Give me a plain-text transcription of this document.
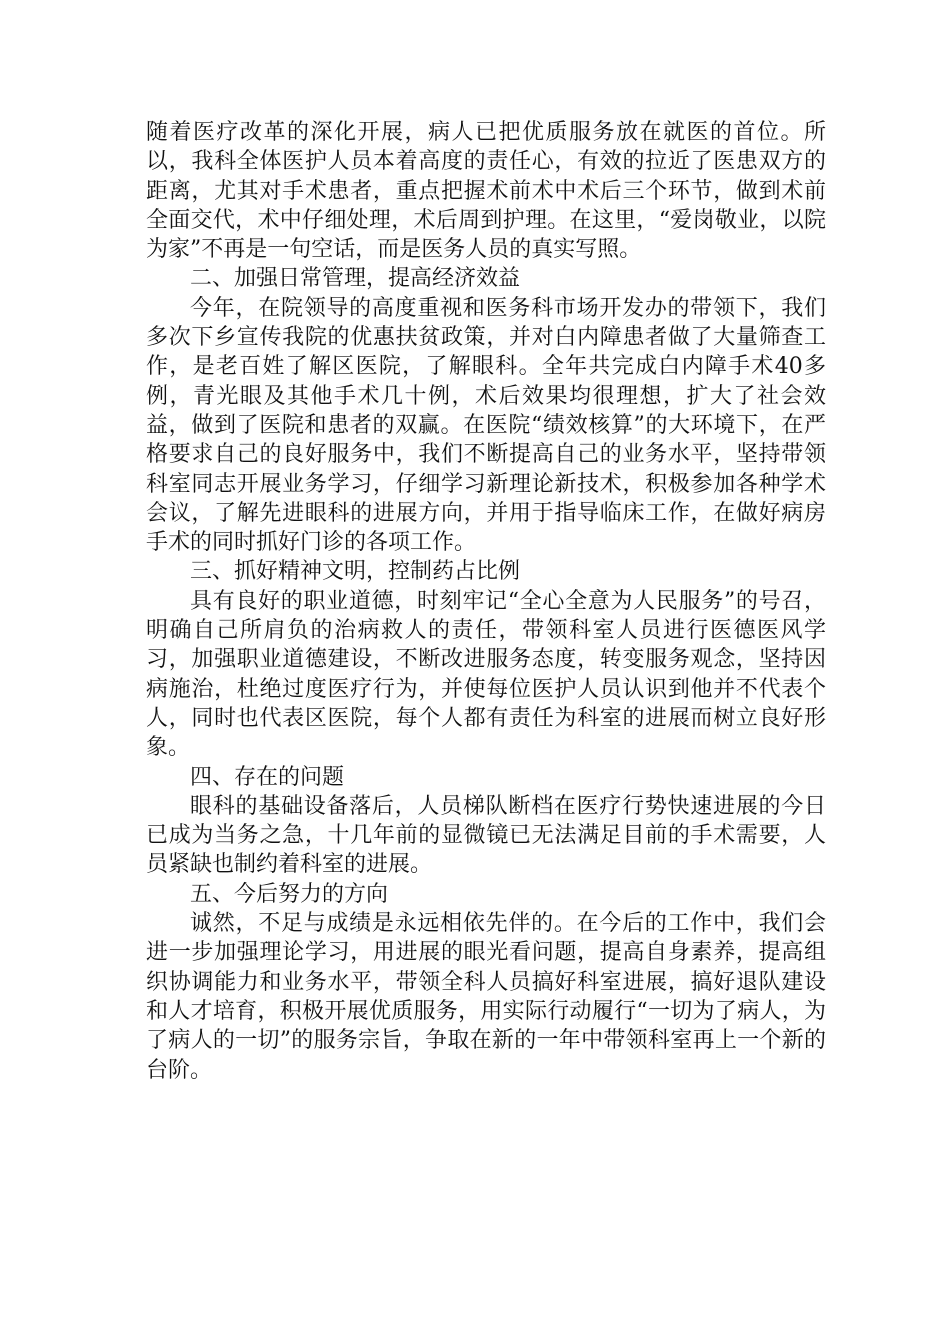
随着医疗改革的深化开展，病人已把优质服务放在就医的首位。所以，我科全体医护人员本着高度的责任心，有效的拉近了医患双方的距离，尤其对手术患者，重点把握术前术中术后三个环节，做到术前全面交代，术中仔细处理，术后周到护理。在这里，“爱岗敬业，以院为家”不再是一句空话，而是医务人员的真实写照。

二、加强日常管理，提高经济效益

今年，在院领导的高度重视和医务科市场开发办的带领下，我们多次下乡宣传我院的优惠扶贫政策，并对白内障患者做了大量筛查工作，是老百姓了解区医院，了解眼科。全年共完成白内障手术40多例，青光眼及其他手术几十例，术后效果均很理想，扩大了社会效益，做到了医院和患者的双赢。在医院“绩效核算”的大环境下，在严格要求自己的良好服务中，我们不断提高自己的业务水平，坚持带领科室同志开展业务学习，仔细学习新理论新技术，积极参加各种学术会议，了解先进眼科的进展方向，并用于指导临床工作，在做好病房手术的同时抓好门诊的各项工作。

三、抓好精神文明，控制药占比例

具有良好的职业道德，时刻牢记“全心全意为人民服务”的号召，明确自己所肩负的治病救人的责任，带领科室人员进行医德医风学习，加强职业道德建设，不断改进服务态度，转变服务观念，坚持因病施治，杜绝过度医疗行为，并使每位医护人员认识到他并不代表个人，同时也代表区医院，每个人都有责任为科室的进展而树立良好形象。

四、存在的问题

眼科的基础设备落后，人员梯队断档在医疗行势快速进展的今日已成为当务之急，十几年前的显微镜已无法满足目前的手术需要，人员紧缺也制约着科室的进展。

五、今后努力的方向

诚然，不足与成绩是永远相依先伴的。在今后的工作中，我们会进一步加强理论学习，用进展的眼光看问题，提高自身素养，提高组织协调能力和业务水平，带领全科人员搞好科室进展，搞好退队建设和人才培育，积极开展优质服务，用实际行动履行“一切为了病人，为了病人的一切”的服务宗旨，争取在新的一年中带领科室再上一个新的台阶。
